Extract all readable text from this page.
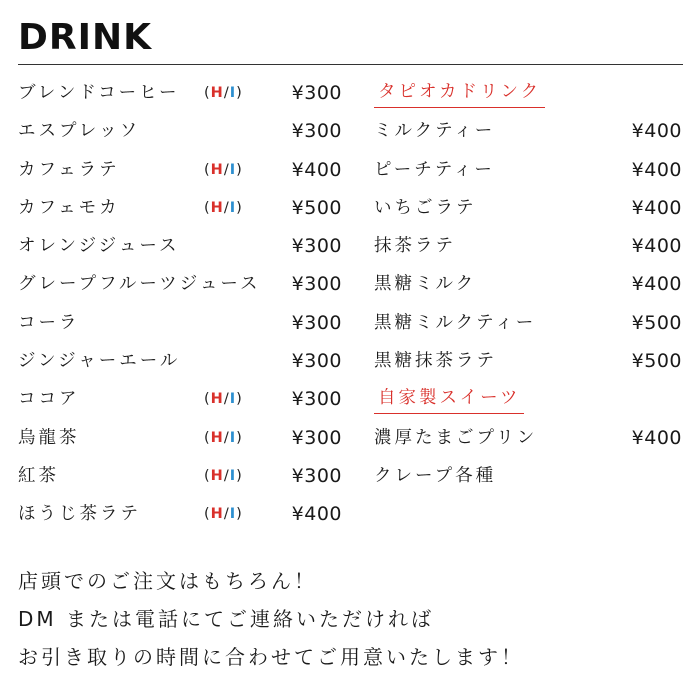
DRINK
ブレンドコーヒー (H/I)	¥300
エスプレッソ	¥300
カフェラテ	(H/I)	¥400
カフェモカ	(H/I)	¥500
オレンジジュース	¥300
グレープフルーツジュース ¥300
コーラ	¥300
ジンジャーエール	¥300
ココア	(H/I)	¥300
烏龍茶	(H/I)	¥300
紅茶	(H/I)	¥300
ほうじ茶ラテ	(H/I)	¥400
タピオカドリンク
ミルクティー	¥400
ピーチティー	¥400
いちごラテ	¥400
抹茶ラテ	¥400
黒糖ミルク	¥400
黒糖ミルクティー	¥500
黒糖抹茶ラテ	¥500
自家製スイーツ
濃厚たまごプリン	¥400
クレープ各種
店頭でのご注文はもちろん！
DM または電話にてご連絡いただければ
お引き取りの時間に合わせてご用意いたします！
